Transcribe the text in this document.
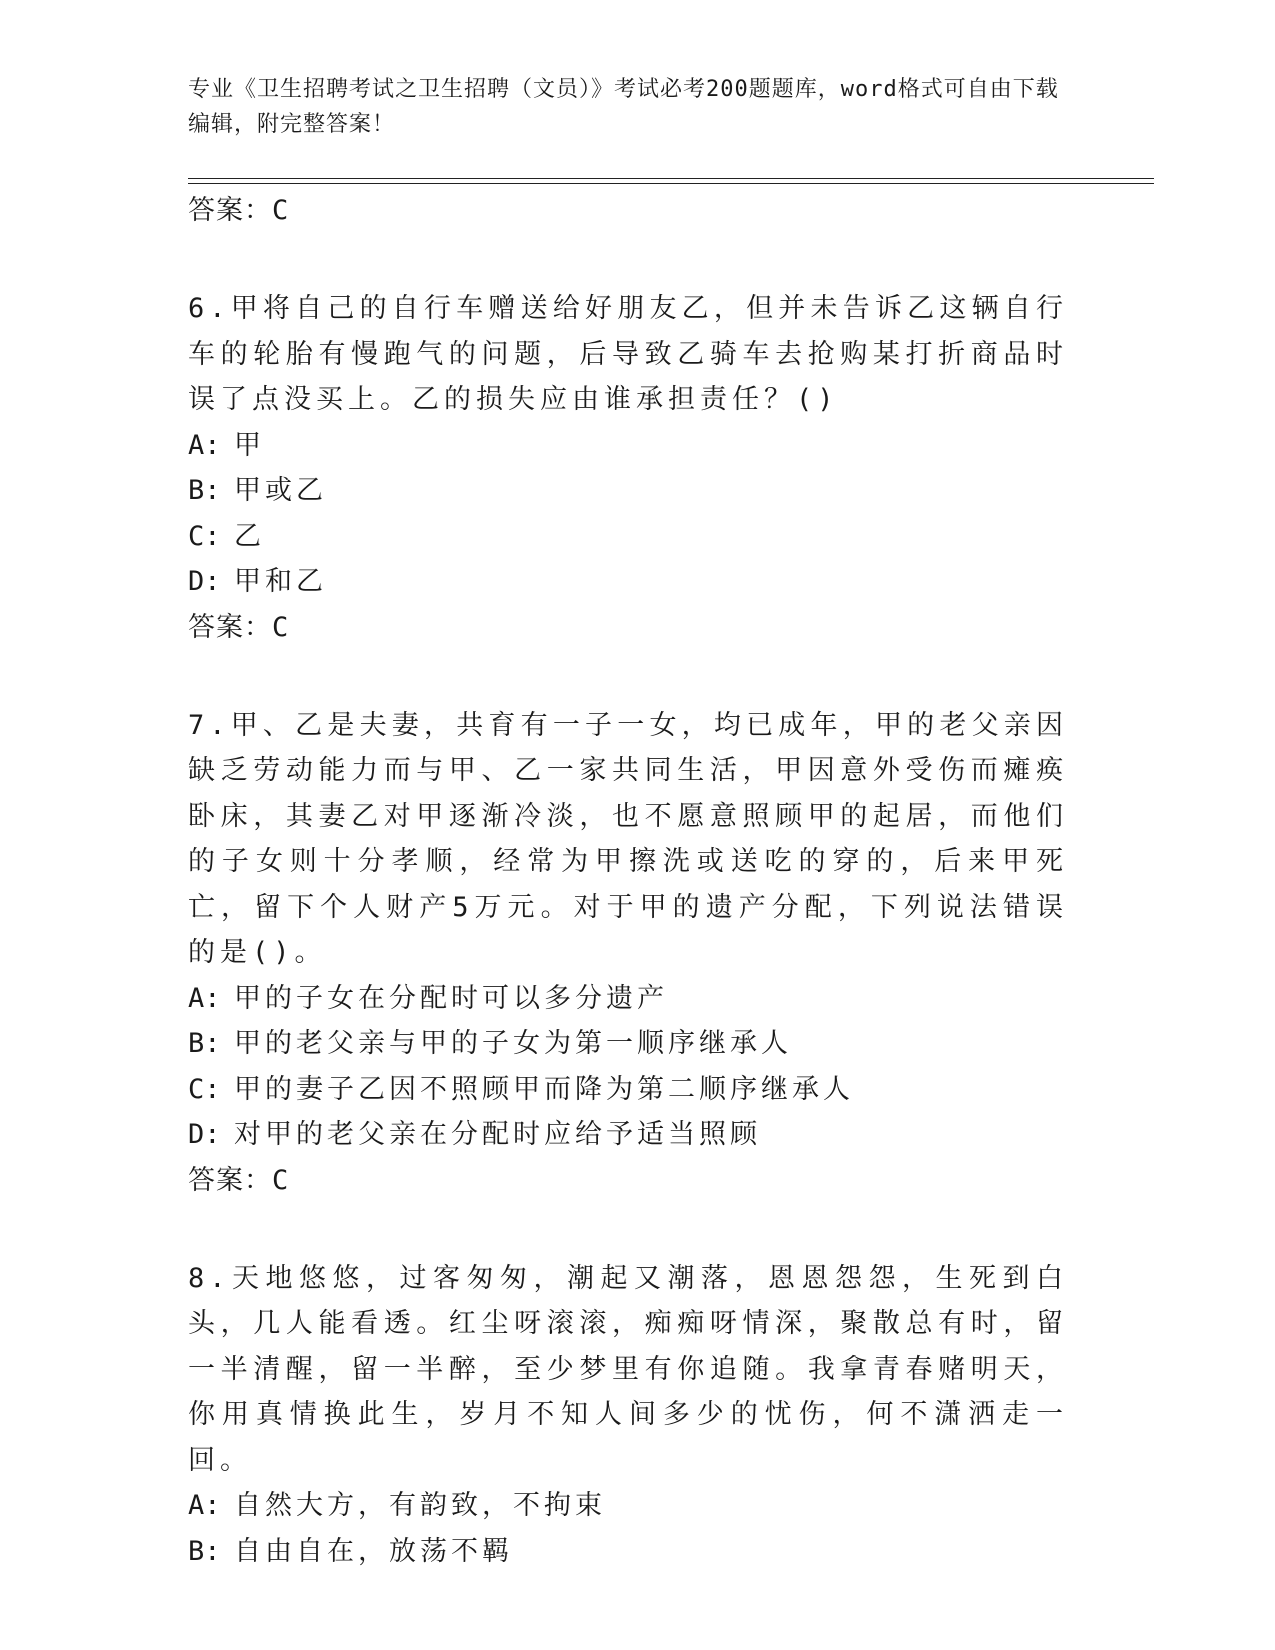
专业《卫生招聘考试之卫生招聘（文员）》考试必考200题题库，word格式可自由下载编辑，附完整答案！
答案：C
6.甲将自己的自行车赠送给好朋友乙，但并未告诉乙这辆自行车的轮胎有慢跑气的问题，后导致乙骑车去抢购某打折商品时误了点没买上。乙的损失应由谁承担责任？()
A: 甲
B: 甲或乙
C: 乙
D: 甲和乙
答案：C
7.甲、乙是夫妻，共育有一子一女，均已成年，甲的老父亲因缺乏劳动能力而与甲、乙一家共同生活，甲因意外受伤而瘫痪卧床，其妻乙对甲逐渐冷淡，也不愿意照顾甲的起居，而他们的子女则十分孝顺，经常为甲擦洗或送吃的穿的，后来甲死亡，留下个人财产5万元。对于甲的遗产分配，下列说法错误的是()。
A: 甲的子女在分配时可以多分遗产
B: 甲的老父亲与甲的子女为第一顺序继承人
C: 甲的妻子乙因不照顾甲而降为第二顺序继承人
D: 对甲的老父亲在分配时应给予适当照顾
答案：C
8.天地悠悠，过客匆匆，潮起又潮落，恩恩怨怨，生死到白头，几人能看透。红尘呀滚滚，痴痴呀情深，聚散总有时，留一半清醒，留一半醉，至少梦里有你追随。我拿青春赌明天，你用真情换此生，岁月不知人间多少的忧伤，何不潇洒走一回。
A: 自然大方，有韵致，不拘束
B: 自由自在，放荡不羁
